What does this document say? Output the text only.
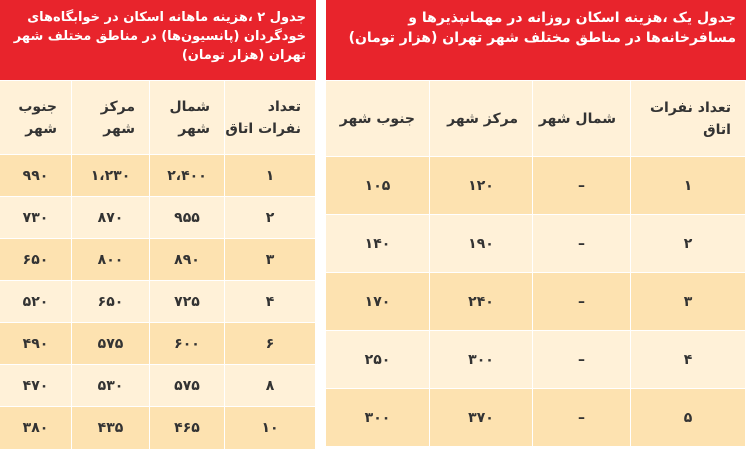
جدول یک ،هزینه اسکان روزانه در مهمانپذیرها و مسافرخانه‌ها در مناطق مختلف شهر تهران (هزار تومان)
تعداد نفرات اتاق	شمال شهر	مرکز شهر	جنوب شهر
۱	–	۱۲۰	۱۰۵
۲	–	۱۹۰	۱۴۰
۳	–	۲۴۰	۱۷۰
۴	–	۳۰۰	۲۵۰
۵	–	۳۷۰	۳۰۰
جدول ۲ ،هزینه ماهانه اسکان در خوابگاه‌های خودگردان (پانسیون‌ها) در مناطق مختلف شهر تهران (هزار تومان)
تعداد نفرات اتاق	شمال شهر	مرکز شهر	جنوب شهر
۱	۲،۴۰۰	۱،۲۳۰	۹۹۰
۲	۹۵۵	۸۷۰	۷۳۰
۳	۸۹۰	۸۰۰	۶۵۰
۴	۷۲۵	۶۵۰	۵۲۰
۶	۶۰۰	۵۷۵	۴۹۰
۸	۵۷۵	۵۳۰	۴۷۰
۱۰	۴۶۵	۴۳۵	۳۸۰
